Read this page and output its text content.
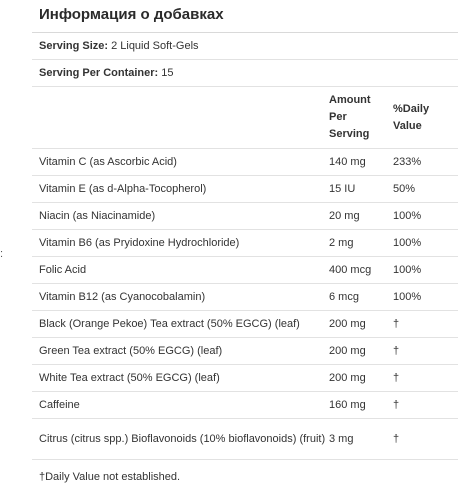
:
Информация о добавках
Serving Size: 2 Liquid Soft-Gels
Serving Per Container: 15
Amount Per Serving
%Daily Value
Vitamin C (as Ascorbic Acid)	140 mg	233%
Vitamin E (as d-Alpha-Tocopherol)	15 IU	50%
Niacin (as Niacinamide)	20 mg	100%
Vitamin B6 (as Pryidoxine Hydrochloride)	2 mg	100%
Folic Acid	400 mcg	100%
Vitamin B12 (as Cyanocobalamin)	6 mcg	100%
Black (Orange Pekoe) Tea extract (50% EGCG) (leaf)	200 mg	†
Green Tea extract (50% EGCG) (leaf)	200 mg	†
White Tea extract (50% EGCG) (leaf)	200 mg	†
Caffeine	160 mg	†
Citrus (citrus spp.) Bioflavonoids (10% bioflavonoids) (fruit) 3 mg	†
†Daily Value not established.
